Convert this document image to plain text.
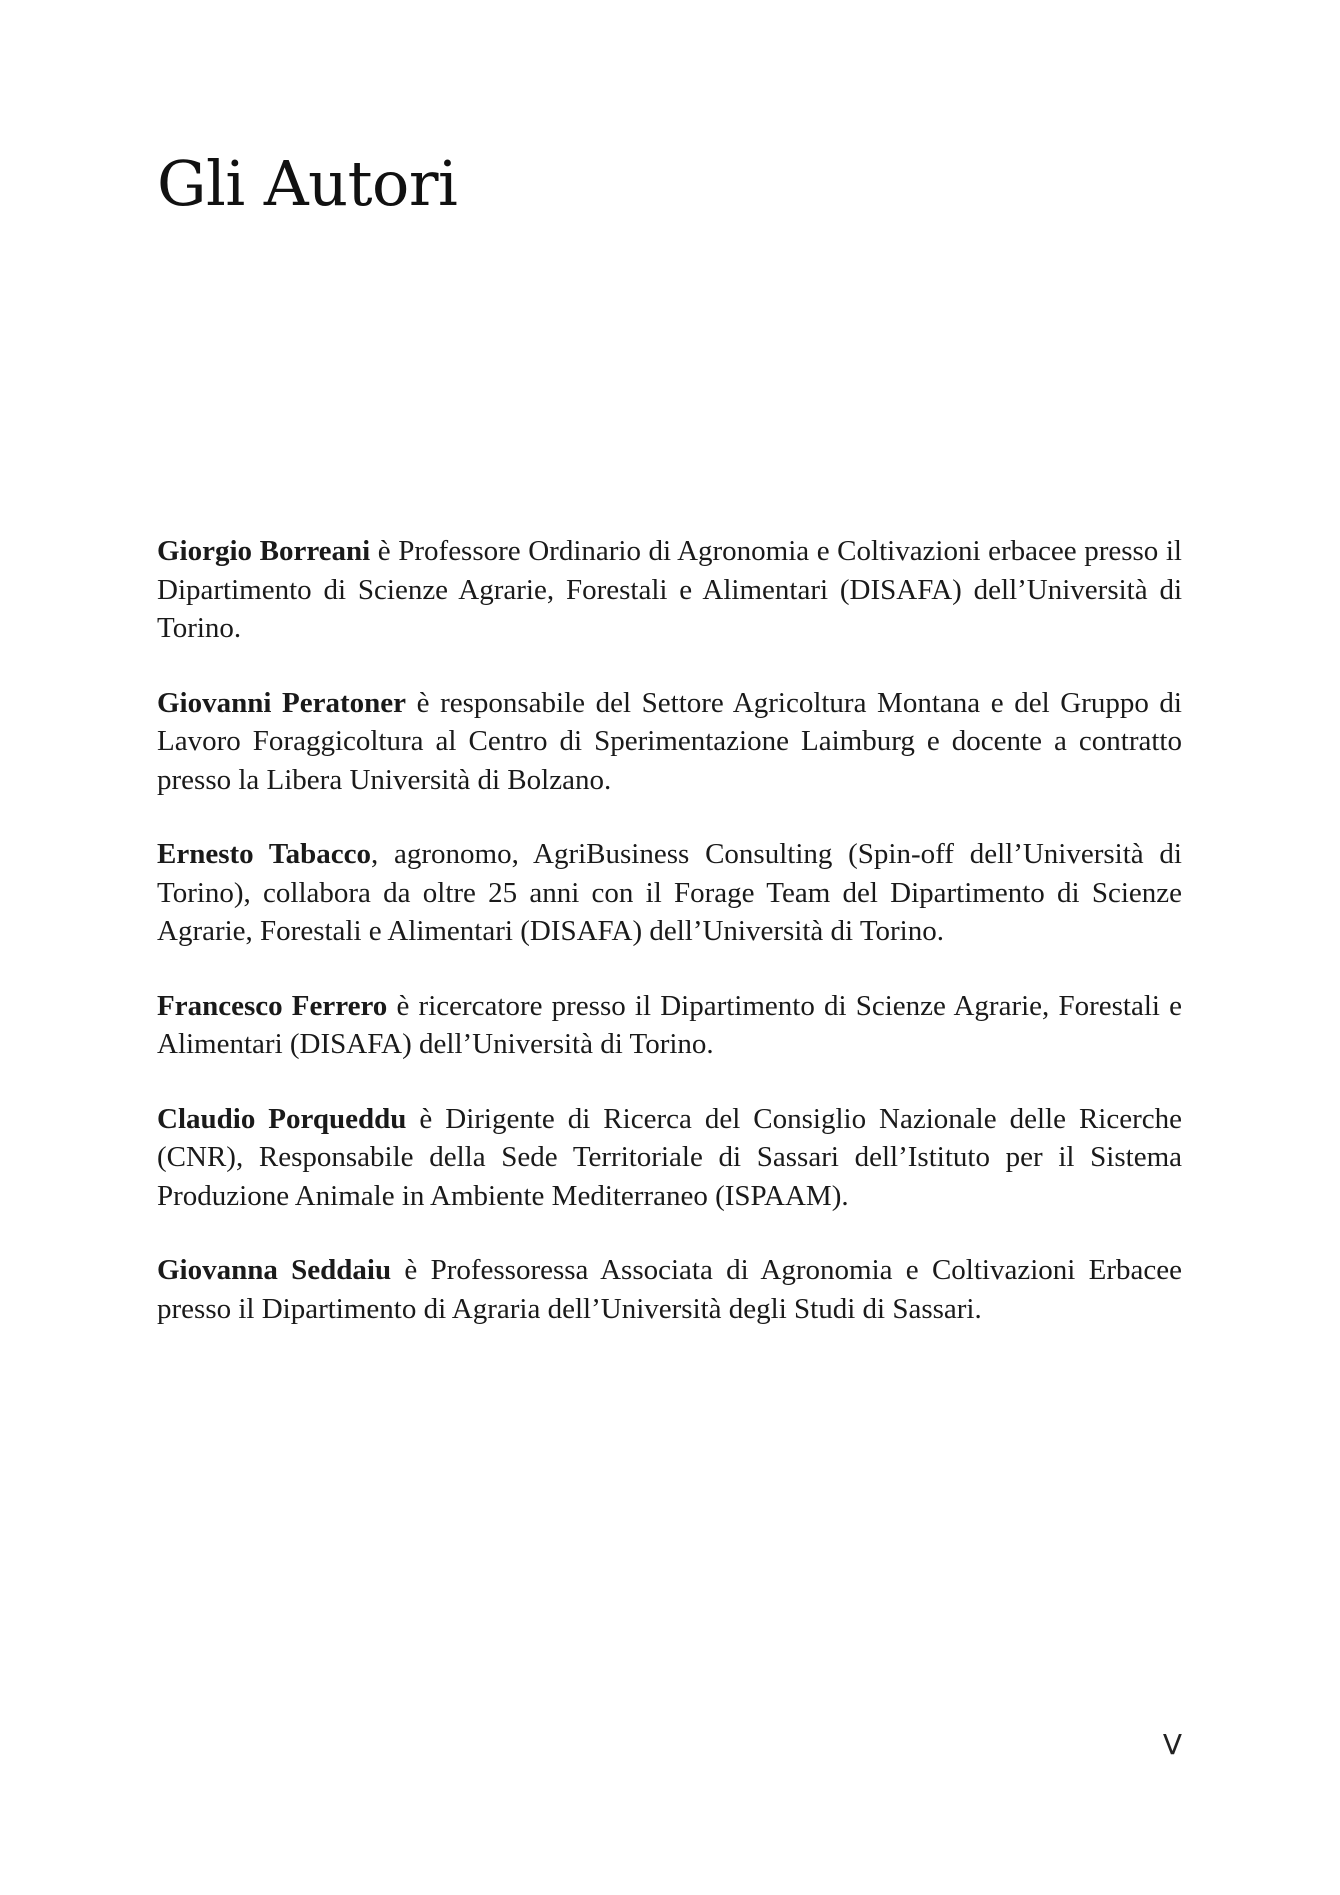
Gli Autori

Giorgio Borreani è Professore Ordinario di Agronomia e Coltivazioni erbacee presso il Dipartimento di Scienze Agrarie, Forestali e Alimentari (DISAFA) dell’Università di Torino.

Giovanni Peratoner è responsabile del Settore Agricoltura Montana e del Gruppo di Lavoro Foraggicoltura al Centro di Sperimentazione Laimburg e docente a contratto presso la Libera Università di Bolzano.

Ernesto Tabacco, agronomo, AgriBusiness Consulting (Spin-off dell’Università di Torino), collabora da oltre 25 anni con il Forage Team del Dipartimento di Scienze Agrarie, Forestali e Alimentari (DISAFA) dell’Università di Torino.

Francesco Ferrero è ricercatore presso il Dipartimento di Scienze Agrarie, Forestali e Alimentari (DISAFA) dell’Università di Torino.

Claudio Porqueddu è Dirigente di Ricerca del Consiglio Nazionale delle Ricerche (CNR), Responsabile della Sede Territoriale di Sassari dell’Istituto per il Sistema Produzione Animale in Ambiente Mediterraneo (ISPAAM).

Giovanna Seddaiu è Professoressa Associata di Agronomia e Coltivazioni Erbacee presso il Dipartimento di Agraria dell’Università degli Studi di Sassari.

V
